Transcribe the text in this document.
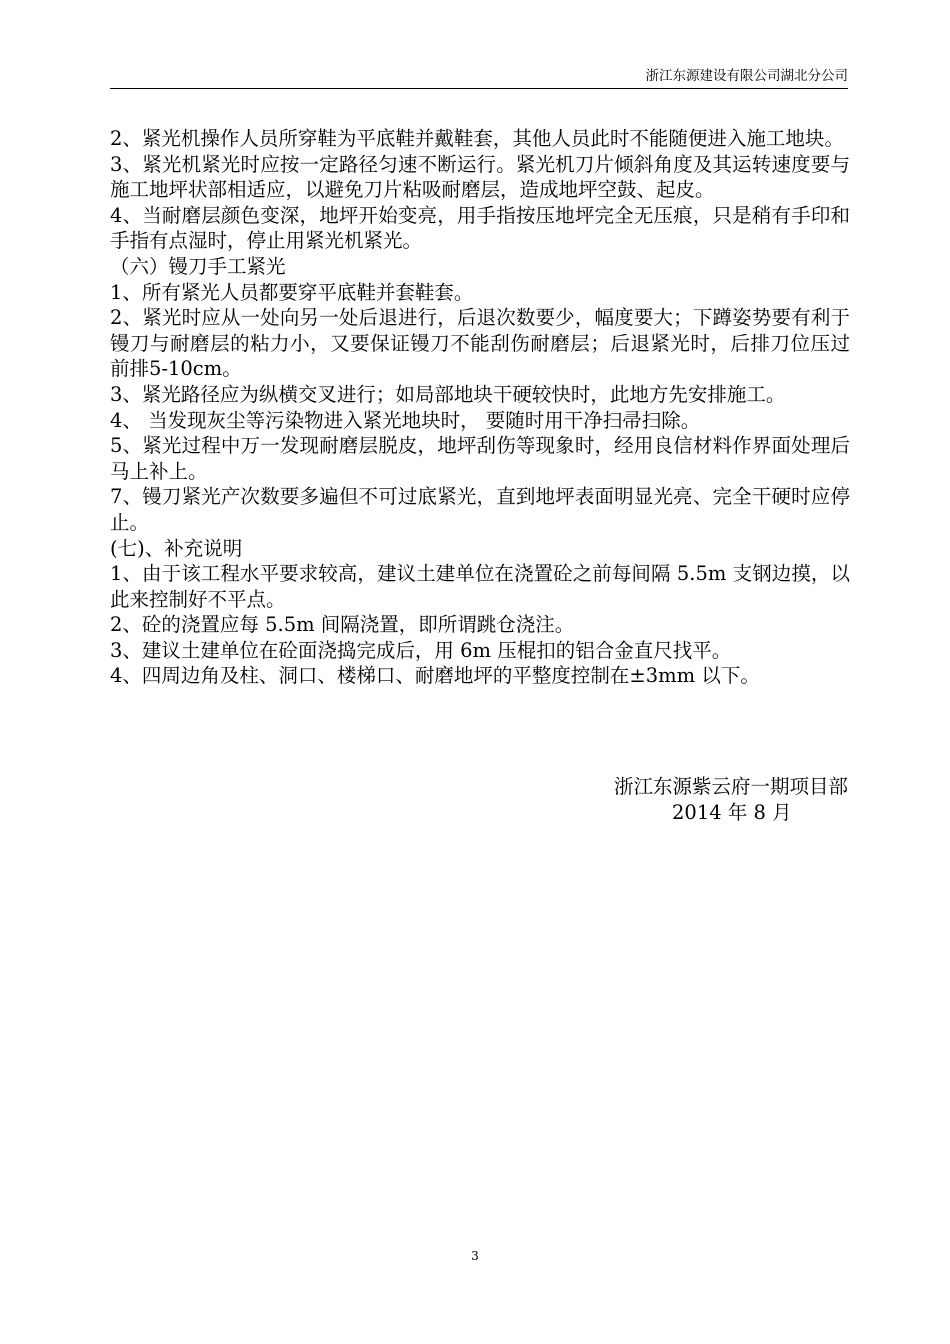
浙江东源建设有限公司湖北分公司

2、紧光机操作人员所穿鞋为平底鞋并戴鞋套，其他人员此时不能随便进入施工地块。

3、紧光机紧光时应按一定路径匀速不断运行。紧光机刀片倾斜角度及其运转速度要与施工地坪状部相适应，以避免刀片粘吸耐磨层，造成地坪空鼓、起皮。

4、当耐磨层颜色变深，地坪开始变亮，用手指按压地坪完全无压痕，只是稍有手印和手指有点湿时，停止用紧光机紧光。

（六）镘刀手工紧光

1、所有紧光人员都要穿平底鞋并套鞋套。

2、紧光时应从一处向另一处后退进行，后退次数要少，幅度要大；下蹲姿势要有利于镘刀与耐磨层的粘力小，又要保证镘刀不能刮伤耐磨层；后退紧光时，后排刀位压过前排5-10cm。

3、紧光路径应为纵横交叉进行；如局部地块干硬较快时，此地方先安排施工。

4、 当发现灰尘等污染物进入紧光地块时， 要随时用干净扫帚扫除。

5、紧光过程中万一发现耐磨层脱皮，地坪刮伤等现象时，经用良信材料作界面处理后马上补上。

7、镘刀紧光产次数要多遍但不可过底紧光，直到地坪表面明显光亮、完全干硬时应停止。

(七)、补充说明

1、由于该工程水平要求较高，建议土建单位在浇置砼之前每间隔 5.5m 支钢边摸，以此来控制好不平点。

2、砼的浇置应每 5.5m 间隔浇置，即所谓跳仓浇注。

3、建议土建单位在砼面浇捣完成后，用 6m 压棍扣的铝合金直尺找平。

4、四周边角及柱、洞口、楼梯口、耐磨地坪的平整度控制在±3mm 以下。

浙江东源紫云府一期项目部
2014 年 8 月
3
